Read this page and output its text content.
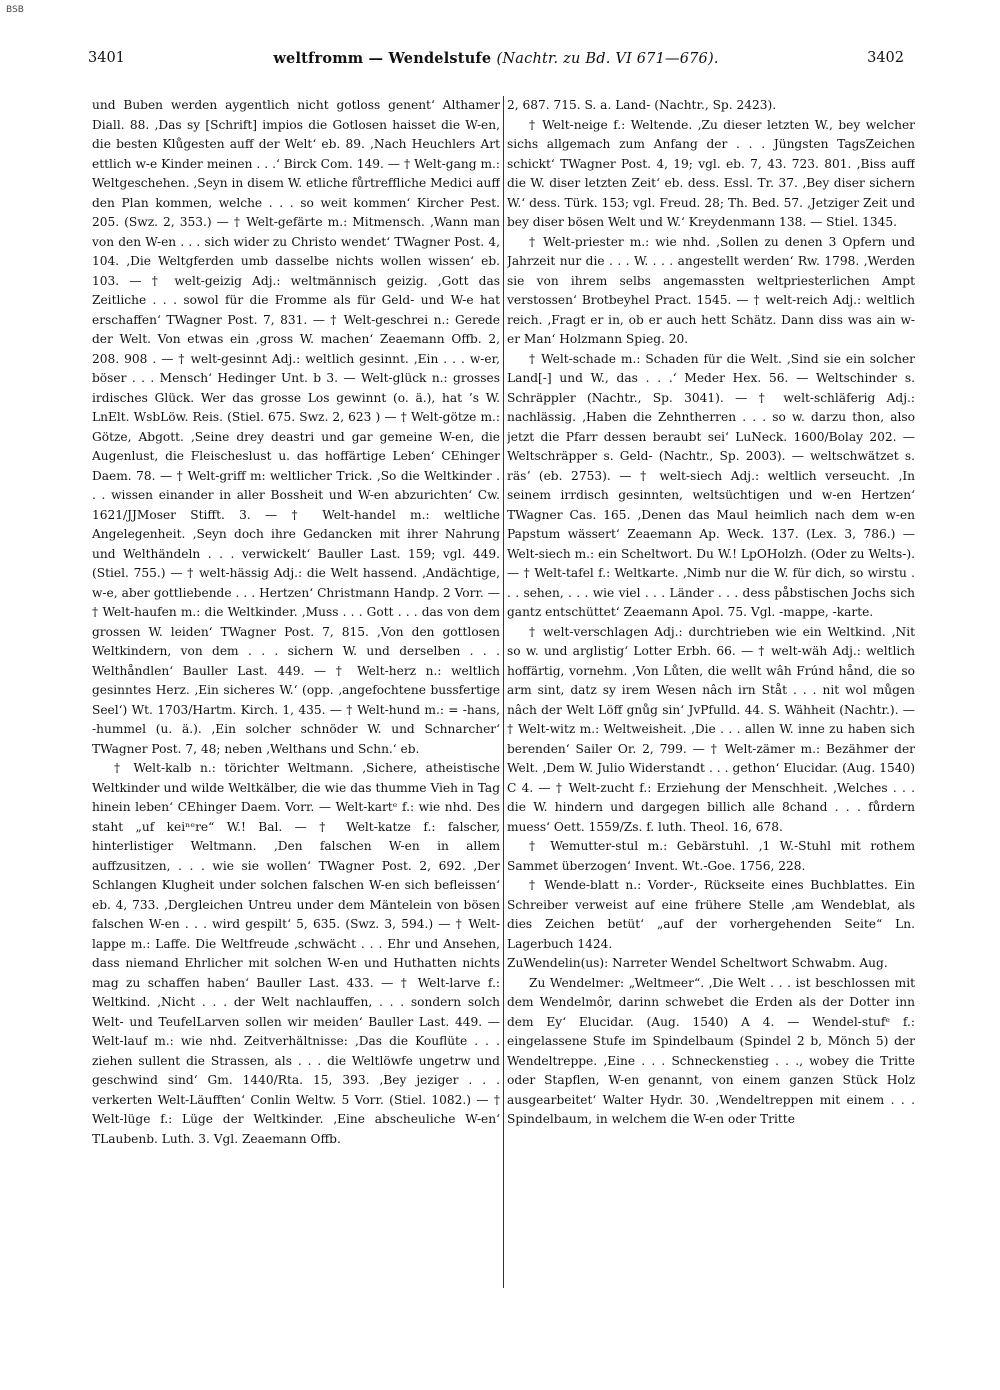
BSB
3401	weltfromm — Wendelstufe (Nachtr. zu Bd. VI 671—676).	3402

und Buben werden aygentlich nicht gotloss genent‘ Althamer Diall. 88. ‚Das sy [Schrift] impios die Gotlosen haisset die W-en, die besten Klůgesten auff der Welt‘ eb. 89. ‚Nach Heuchlers Art ettlich w-e Kinder meinen . . .‘ Birck Com. 149. — † Welt-gang m.: Weltgeschehen. ‚Seyn in disem W. etliche fůrtreffliche Medici auff den Plan kommen, welche . . . so weit kommen‘ Kircher Pest. 205. (Swz. 2, 353.) — † Welt-gefärte m.: Mitmensch. ‚Wann man von den W-en . . . sich wider zu Christo wendet‘ TWagner Post. 4, 104. ‚Die Weltgferden umb dasselbe nichts wollen wissen‘ eb. 103. — † welt-geizig Adj.: weltmännisch geizig. ‚Gott das Zeitliche . . . sowol für die Fromme als für Geld- und W-e hat erschaffen‘ TWagner Post. 7, 831. — † Welt-geschrei n.: Gerede der Welt. Von etwas ein ‚gross W. machen‘ Zeaemann Offb. 2, 208. 908 . — † welt-gesinnt Adj.: weltlich gesinnt. ‚Ein . . . w-er, böser . . . Mensch‘ Hedinger Unt. b 3. — Welt-glück n.: grosses irdisches Glück. Wer das grosse Los gewinnt (o. ä.), hat ’s W. LnElt. WsbLöw. Reis. (Stiel. 675. Swz. 2, 623 ) — † Welt-götze m.: Götze, Abgott. ‚Seine drey deastri und gar gemeine W-en, die Augenlust, die Fleischeslust u. das hoffärtige Leben‘ CEhinger Daem. 78. — † Welt-griff m: weltlicher Trick. ‚So die Weltkinder . . . wissen einander in aller Bossheit und W-en abzurichten‘ Cw. 1621/JJMoser Stifft. 3. — † Welt-handel m.: weltliche Angelegenheit. ‚Seyn doch ihre Gedancken mit ihrer Nahrung und Welthändeln . . . verwickelt‘ Bauller Last. 159; vgl. 449. (Stiel. 755.) — † welt-hässig Adj.: die Welt hassend. ‚Andächtige, w-e, aber gottliebende . . . Hertzen‘ Christmann Handp. 2 Vorr. — † Welt-haufen m.: die Weltkinder. ‚Muss . . . Gott . . . das von dem grossen W. leiden‘ TWagner Post. 7, 815. ‚Von den gottlosen Weltkindern, von dem . . . sichern W. und derselben . . . Welthåndlen‘ Bauller Last. 449. — † Welt-herz n.: weltlich gesinntes Herz. ‚Ein sicheres W.‘ (opp. ‚angefochtene bussfertige Seel‘) Wt. 1703/Hartm. Kirch. 1, 435. — † Welt-hund m.: = -hans, -hummel (u. ä.). ‚Ein solcher schnöder W. und Schnarcher‘ TWagner Post. 7, 48; neben ‚Welthans und Schn.‘ eb.

† Welt-kalb n.: törichter Weltmann. ‚Sichere, atheistische Weltkinder und wilde Weltkälber, die wie das thumme Vieh in Tag hinein leben‘ CEhinger Daem. Vorr. — Welt-kartᵉ f.: wie nhd. Des staht „uf keiⁿᵉre“ W.! Bal. — † Welt-katze f.: falscher, hinterlistiger Weltmann. ‚Den falschen W-en in allem auffzusitzen, . . . wie sie wollen‘ TWagner Post. 2, 692. ‚Der Schlangen Klugheit under solchen falschen W-en sich befleissen‘ eb. 4, 733. ‚Dergleichen Untreu under dem Mäntelein von bösen falschen W-en . . . wird gespilt‘ 5, 635. (Swz. 3, 594.) — † Welt-lappe m.: Laffe. Die Weltfreude ‚schwächt . . . Ehr und Ansehen, dass niemand Ehrlicher mit solchen W-en und Huthatten nichts mag zu schaffen haben‘ Bauller Last. 433. — † Welt-larve f.: Weltkind. ‚Nicht . . . der Welt nachlauffen, . . . sondern solch Welt- und TeufelLarven sollen wir meiden‘ Bauller Last. 449. — Welt-lauf m.: wie nhd. Zeitverhältnisse: ‚Das die Kouflüte . . . ziehen sullent die Strassen, als . . . die Weltlöwfe ungetrw und geschwind sind‘ Gm. 1440/Rta. 15, 393. ‚Bey jeziger . . . verkerten Welt-Läufften‘ Conlin Weltw. 5 Vorr. (Stiel. 1082.) — † Welt-lüge f.: Lüge der Weltkinder. ‚Eine abscheuliche W-en‘ TLaubenb. Luth. 3. Vgl. Zeaemann Offb.

2, 687. 715. S. a. Land- (Nachtr., Sp. 2423).

† Welt-neige f.: Weltende. ‚Zu dieser letzten W., bey welcher sichs allgemach zum Anfang der . . . Jüngsten TagsZeichen schickt‘ TWagner Post. 4, 19; vgl. eb. 7, 43. 723. 801. ‚Biss auff die W. diser letzten Zeit‘ eb. dess. Essl. Tr. 37. ‚Bey diser sichern W.‘ dess. Türk. 153; vgl. Freud. 28; Th. Bed. 57. ‚Jetziger Zeit und bey diser bösen Welt und W.‘ Kreydenmann 138. — Stiel. 1345.

† Welt-priester m.: wie nhd. ‚Sollen zu denen 3 Opfern und Jahrzeit nur die . . . W. . . . angestellt werden‘ Rw. 1798. ‚Werden sie von ihrem selbs angemassten weltpriesterlichen Ampt verstossen‘ Brotbeyhel Pract. 1545. — † welt-reich Adj.: weltlich reich. ‚Fragt er in, ob er auch hett Schätz. Dann diss was ain w-er Man‘ Holzmann Spieg. 20.

† Welt-schade m.: Schaden für die Welt. ‚Sind sie ein solcher Land[-] und W., das . . .‘ Meder Hex. 56. — Weltschinder s. Schräppler (Nachtr., Sp. 3041). — † welt-schläferig Adj.: nachlässig. ‚Haben die Zehntherren . . . so w. darzu thon, also jetzt die Pfarr dessen beraubt sei‘ LuNeck. 1600/Bolay 202. — Weltschräpper s. Geld- (Nachtr., Sp. 2003). — weltschwätzet s. räsʼ (eb. 2753). — † welt-siech Adj.: weltlich verseucht. ‚In seinem irrdisch gesinnten, weltsüchtigen und w-en Hertzen‘ TWagner Cas. 165. ‚Denen das Maul heimlich nach dem w-en Papstum wässert‘ Zeaemann Ap. Weck. 137. (Lex. 3, 786.) — Welt-siech m.: ein Scheltwort. Du W.! LpOHolzh. (Oder zu Welts-). — † Welt-tafel f.: Weltkarte. ‚Nimb nur die W. für dich, so wirstu . . . sehen, . . . wie viel . . . Länder . . . dess påbstischen Jochs sich gantz entschüttet‘ Zeaemann Apol. 75. Vgl. -mappe, -karte.

† welt-verschlagen Adj.: durchtrieben wie ein Weltkind. ‚Nit so w. und arglistig‘ Lotter Erbh. 66. — † welt-wäh Adj.: weltlich hoffärtig, vornehm. ‚Von Lůten, die wellt wâh Frúnd hånd, die so arm sint, datz sy irem Wesen nâch irn Ståt . . . nit wol můgen nâch der Welt Löff gnůg sin‘ JvPfulld. 44. S. Wähheit (Nachtr.). — † Welt-witz m.: Weltweisheit. ‚Die . . . allen W. inne zu haben sich berenden‘ Sailer Or. 2, 799. — † Welt-zämer m.: Bezähmer der Welt. ‚Dem W. Julio Widerstandt . . . gethon‘ Elucidar. (Aug. 1540) C 4. — † Welt-zucht f.: Erziehung der Menschheit. ‚Welches . . . die W. hindern und dargegen billich alle 8chand . . . fůrdern muess‘ Oett. 1559/Zs. f. luth. Theol. 16, 678.

† Wemutter-stul m.: Gebärstuhl. ‚1 W.-Stuhl mit rothem Sammet überzogen‘ Invent. Wt.-Goe. 1756, 228.

† Wende-blatt n.: Vorder-, Rückseite eines Buchblattes. Ein Schreiber verweist auf eine frühere Stelle ‚am Wendeblat, als dies Zeichen betüt‘ „auf der vorhergehenden Seite“ Ln. Lagerbuch 1424.

ZuWendelin(us): Narreter Wendel Scheltwort Schwabm. Aug.

Zu Wendelmer: „Weltmeer“. ‚Die Welt . . . ist beschlossen mit dem Wendelmôr, darinn schwebet die Erden als der Dotter inn dem Ey‘ Elucidar. (Aug. 1540) A 4. — Wendel-stufᵉ f.: eingelassene Stufe im Spindelbaum (Spindel 2 b, Mönch 5) der Wendeltreppe. ‚Eine . . . Schneckenstieg . . ., wobey die Tritte oder Stapflen, W-en genannt, von einem ganzen Stück Holz ausgearbeitet‘ Walter Hydr. 30. ‚Wendeltreppen mit einem . . . Spindelbaum, in welchem die W-en oder Tritte
